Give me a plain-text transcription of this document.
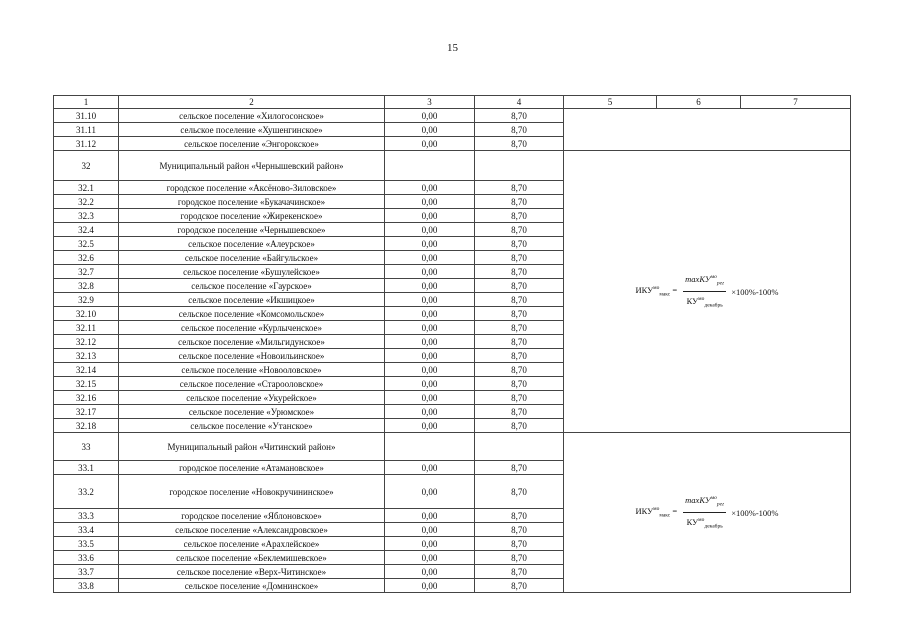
15
1	2	3	4	5	6	7
31.10	сельское поселение «Хилогосонское»	0,00	8,70			
31.11	сельское поселение «Хушенгинское»	0,00	8,70			
31.12	сельское поселение «Энгорокское»	0,00	8,70			
32	Муниципальный район «Чернышевский район»			$ИКУ^{мо}_{макс} = \frac{\max КУ^{мо}_{рег}}{КУ^{мо}_{декабрь}} \times 100\%-100\%$		

32.1	городское поселение «Аксёново-Зиловское»	0,00	8,70			
32.2	городское поселение «Букачачинское»	0,00	8,70			
32.3	городское поселение «Жирекенское»	0,00	8,70			
32.4	городское поселение «Чернышевское»	0,00	8,70			
32.5	сельское поселение «Алеурское»	0,00	8,70			
32.6	сельское поселение «Байгульское»	0,00	8,70			
32.7	сельское поселение «Бушулейское»	0,00	8,70			
32.8	сельское поселение «Гаурское»	0,00	8,70			
32.9	сельское поселение «Икшицкое»	0,00	8,70			
32.10	сельское поселение «Комсомольское»	0,00	8,70			
32.11	сельское поселение «Курлыченское»	0,00	8,70			
32.12	сельское поселение «Мильгидунское»	0,00	8,70			
32.13	сельское поселение «Новоильинское»	0,00	8,70			
32.14	сельское поселение «Новооловское»	0,00	8,70			
32.15	сельское поселение «Старооловское»	0,00	8,70			
32.16	сельское поселение «Укурейское»	0,00	8,70			
32.17	сельское поселение «Урюмское»	0,00	8,70			
32.18	сельское поселение «Утанское»	0,00	8,70			
33	Муниципальный район «Читинский район»			$ИКУ^{мо}_{макс} = \frac{\max КУ^{мо}_{рег}}{КУ^{мо}_{декабрь}} \times 100\%-100\%$		

33.1	городское поселение «Атамановское»	0,00	8,70			
33.2	городское поселение «Новокручининское»	0,00	8,70			
33.3	городское поселение «Яблоновское»	0,00	8,70			
33.4	сельское поселение «Александровское»	0,00	8,70			
33.5	сельское поселение «Арахлейское»	0,00	8,70			
33.6	сельское поселение «Беклемишевское»	0,00	8,70			
33.7	сельское поселение «Верх-Читинское»	0,00	8,70			
33.8	сельское поселение «Домнинское»	0,00	8,70			
